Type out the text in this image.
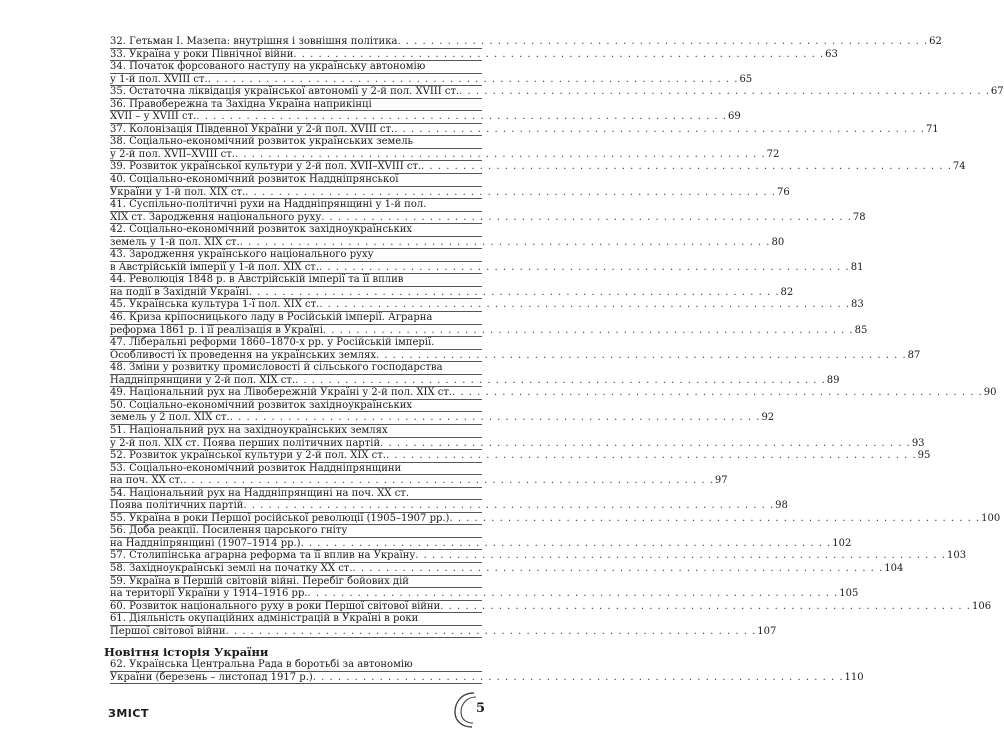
32. Гетьман І. Мазепа: внутрішня і зовнішня політика . . . . . . . . . . . . . . . . . . . . . . . . . . . . . . . . . . . . . . . . . . . . . . . . . . . . . . . . . . . . . . . . 62
33. Україна у роки Північної війни . . . . . . . . . . . . . . . . . . . . . . . . . . . . . . . . . . . . . . . . . . . . . . . . . . . . . . . . . . . . . . . . 63
34. Початок форсованого наступу на українську автономію
у 1-й пол. XVIII ст. . . . . . . . . . . . . . . . . . . . . . . . . . . . . . . . . . . . . . . . . . . . . . . . . . . . . . . . . . . . . . . . . 65
35. Остаточна ліквідація української автономії у 2-й пол. XVIII ст. . . . . . . . . . . . . . . . . . . . . . . . . . . . . . . . . . . . . . . . . . . . . . . . . . . . . . . . . . . . . . . . . 67
36. Правобережна та Західна Україна наприкінці
XVII – у XVIII ст. . . . . . . . . . . . . . . . . . . . . . . . . . . . . . . . . . . . . . . . . . . . . . . . . . . . . . . . . . . . . . . . . 69
37. Колонізація Південної України у 2-й пол. XVIII ст. . . . . . . . . . . . . . . . . . . . . . . . . . . . . . . . . . . . . . . . . . . . . . . . . . . . . . . . . . . . . . . . . 71
38. Соціально-економічний розвиток українських земель
у 2-й пол. XVII–XVIII ст. . . . . . . . . . . . . . . . . . . . . . . . . . . . . . . . . . . . . . . . . . . . . . . . . . . . . . . . . . . . . . . . . 72
39. Розвиток української культури у 2-й пол. XVII–XVIII ст. . . . . . . . . . . . . . . . . . . . . . . . . . . . . . . . . . . . . . . . . . . . . . . . . . . . . . . . . . . . . . . . . 74
40. Соціально-економічний розвиток Наддніпрянської
України у 1-й пол. XIX ст. . . . . . . . . . . . . . . . . . . . . . . . . . . . . . . . . . . . . . . . . . . . . . . . . . . . . . . . . . . . . . . . . 76
41. Суспільно-політичні рухи на Наддніпрянщині у 1-й пол.
XIX ст. Зародження національного руху . . . . . . . . . . . . . . . . . . . . . . . . . . . . . . . . . . . . . . . . . . . . . . . . . . . . . . . . . . . . . . . . 78
42. Соціально-економічний розвиток західноукраїнських
земель у 1-й пол. XIX ст. . . . . . . . . . . . . . . . . . . . . . . . . . . . . . . . . . . . . . . . . . . . . . . . . . . . . . . . . . . . . . . . . 80
43. Зародження українського національного руху
в Австрійській імперії у 1-й пол. XIX ст. . . . . . . . . . . . . . . . . . . . . . . . . . . . . . . . . . . . . . . . . . . . . . . . . . . . . . . . . . . . . . . . . 81
44. Революція 1848 р. в Австрійській імперії та її вплив
на події в Західній Україні . . . . . . . . . . . . . . . . . . . . . . . . . . . . . . . . . . . . . . . . . . . . . . . . . . . . . . . . . . . . . . . . 82
45. Українська культура 1-ї пол. XIX ст. . . . . . . . . . . . . . . . . . . . . . . . . . . . . . . . . . . . . . . . . . . . . . . . . . . . . . . . . . . . . . . . . 83
46. Криза кріпосницького ладу в Російській імперії. Аграрна
реформа 1861 р. і її реалізація в Україні . . . . . . . . . . . . . . . . . . . . . . . . . . . . . . . . . . . . . . . . . . . . . . . . . . . . . . . . . . . . . . . . 85
47. Ліберальні реформи 1860–1870-х рр. у Російській імперії.
Особливості їх проведення на українських землях . . . . . . . . . . . . . . . . . . . . . . . . . . . . . . . . . . . . . . . . . . . . . . . . . . . . . . . . . . . . . . . . 87
48. Зміни у розвитку промисловості й сільського господарства
Наддніпрянщини у 2-й пол. XIX ст. . . . . . . . . . . . . . . . . . . . . . . . . . . . . . . . . . . . . . . . . . . . . . . . . . . . . . . . . . . . . . . . . 89
49. Національний рух на Лівобережній Україні у 2-й пол. XIX ст. . . . . . . . . . . . . . . . . . . . . . . . . . . . . . . . . . . . . . . . . . . . . . . . . . . . . . . . . . . . . . . . . 90
50. Соціально-економічний розвиток західноукраїнських
земель у 2 пол. XIX ст. . . . . . . . . . . . . . . . . . . . . . . . . . . . . . . . . . . . . . . . . . . . . . . . . . . . . . . . . . . . . . . . . 92
51. Національний рух на західноукраїнських землях
у 2-й пол. XIX ст. Поява перших політичних партій . . . . . . . . . . . . . . . . . . . . . . . . . . . . . . . . . . . . . . . . . . . . . . . . . . . . . . . . . . . . . . . . 93
52. Розвиток української культури у 2-й пол. XIX ст. . . . . . . . . . . . . . . . . . . . . . . . . . . . . . . . . . . . . . . . . . . . . . . . . . . . . . . . . . . . . . . . . 95
53. Соціально-економічний розвиток Наддніпрянщини
на поч. XX ст. . . . . . . . . . . . . . . . . . . . . . . . . . . . . . . . . . . . . . . . . . . . . . . . . . . . . . . . . . . . . . . . . 97
54. Національний рух на Наддніпрянщині на поч. XX ст.
Поява політичних партій . . . . . . . . . . . . . . . . . . . . . . . . . . . . . . . . . . . . . . . . . . . . . . . . . . . . . . . . . . . . . . . . 98
55. Україна в роки Першої російської революції (1905–1907 рр.) . . . . . . . . . . . . . . . . . . . . . . . . . . . . . . . . . . . . . . . . . . . . . . . . . . . . . . . . . . . . . . . . 100
56. Доба реакції. Посилення царського гніту
на Наддніпрянщині (1907–1914 рр.) . . . . . . . . . . . . . . . . . . . . . . . . . . . . . . . . . . . . . . . . . . . . . . . . . . . . . . . . . . . . . . . . 102
57. Столипінська аграрна реформа та її вплив на Україну . . . . . . . . . . . . . . . . . . . . . . . . . . . . . . . . . . . . . . . . . . . . . . . . . . . . . . . . . . . . . . . . 103
58. Західноукраїнські землі на початку XX ст. . . . . . . . . . . . . . . . . . . . . . . . . . . . . . . . . . . . . . . . . . . . . . . . . . . . . . . . . . . . . . . . . 104
59. Україна в Першій світовій війні. Перебіг бойових дій
на території України у 1914–1916 рр. . . . . . . . . . . . . . . . . . . . . . . . . . . . . . . . . . . . . . . . . . . . . . . . . . . . . . . . . . . . . . . . . 105
60. Розвиток національного руху в роки Першої світової війни . . . . . . . . . . . . . . . . . . . . . . . . . . . . . . . . . . . . . . . . . . . . . . . . . . . . . . . . . . . . . . . . 106
61. Діяльність окупаційних адміністрацій в Україні в роки
Першої світової війни . . . . . . . . . . . . . . . . . . . . . . . . . . . . . . . . . . . . . . . . . . . . . . . . . . . . . . . . . . . . . . . . 107
Новітня історія України
62. Українська Центральна Рада в боротьбі за автономію
України (березень – листопад 1917 р.) . . . . . . . . . . . . . . . . . . . . . . . . . . . . . . . . . . . . . . . . . . . . . . . . . . . . . . . . . . . . . . . . 110
ЗМІСТ	5
